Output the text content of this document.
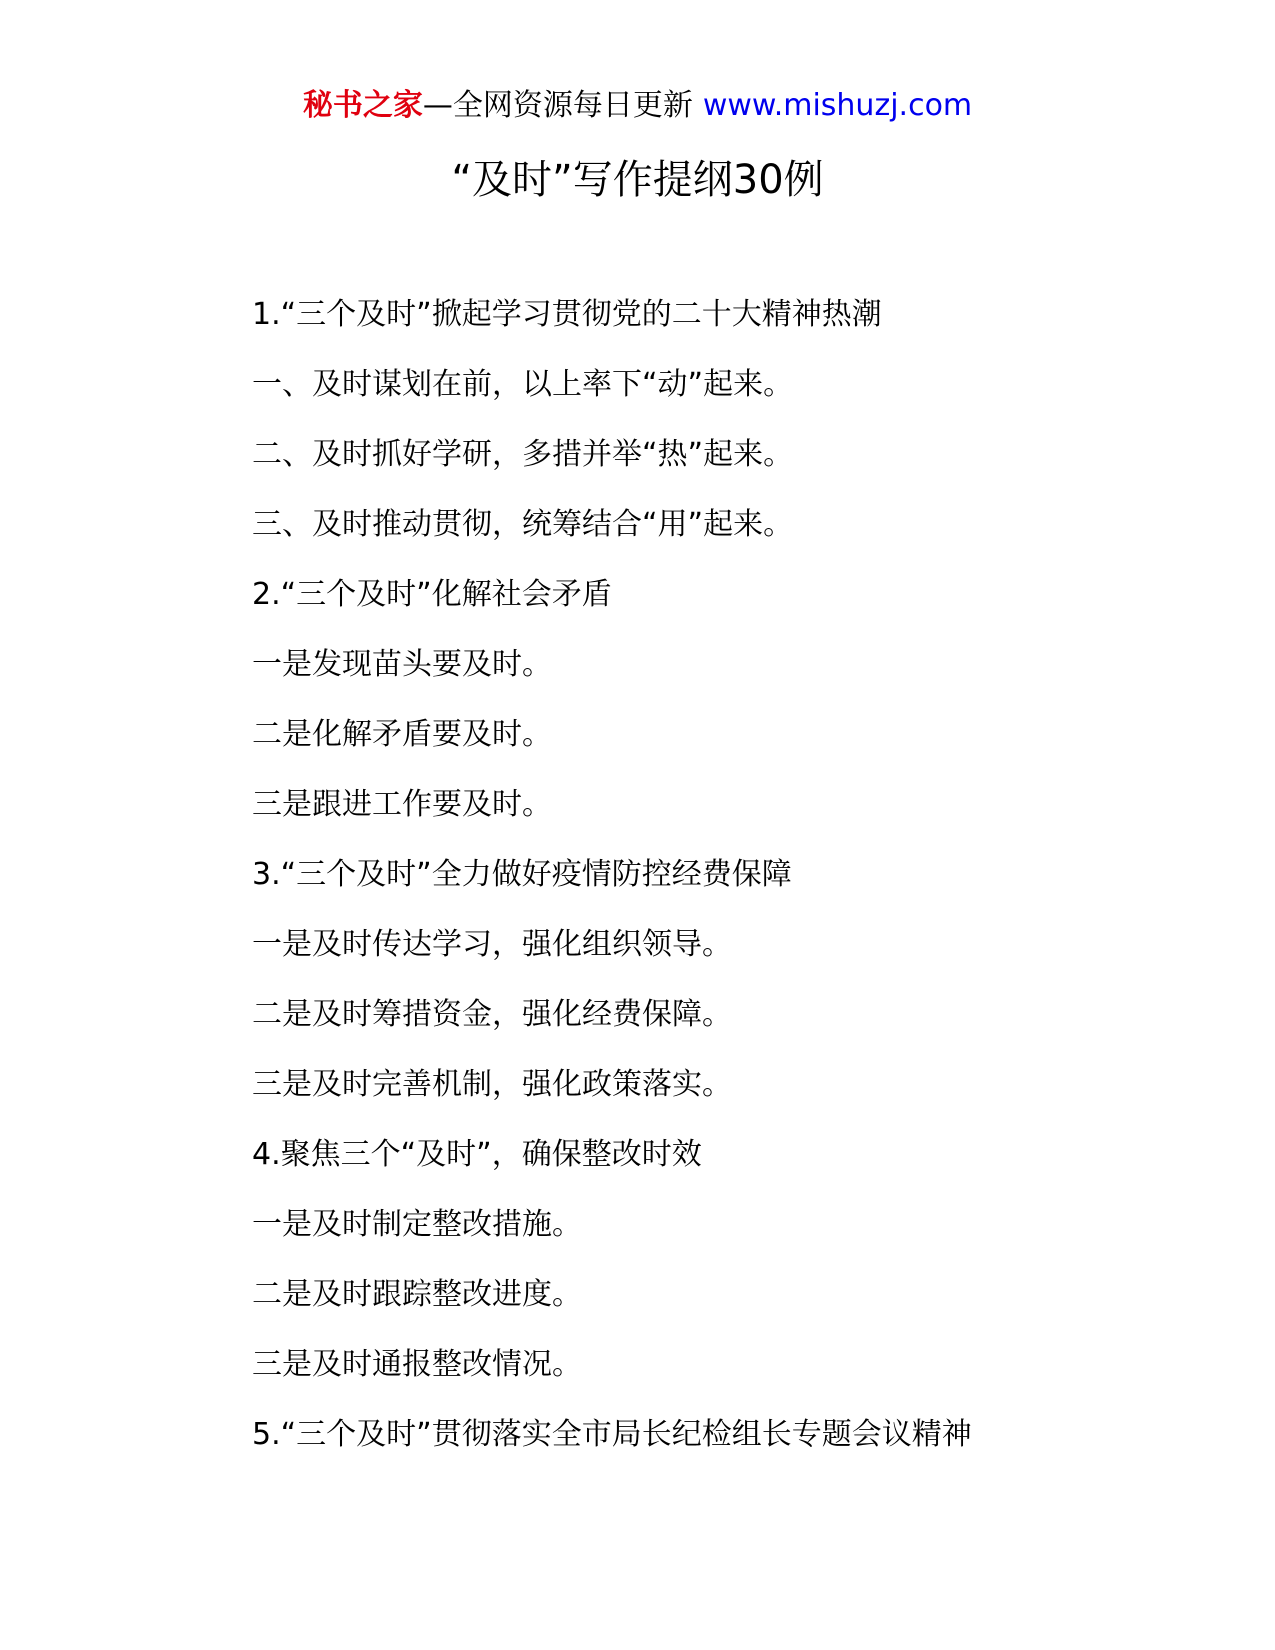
秘书之家—全网资源每日更新 www.mishuzj.com
“及时”写作提纲30例
1.“三个及时”掀起学习贯彻党的二十大精神热潮
一、及时谋划在前，以上率下“动”起来。
二、及时抓好学研，多措并举“热”起来。
三、及时推动贯彻，统筹结合“用”起来。
2.“三个及时”化解社会矛盾
一是发现苗头要及时。
二是化解矛盾要及时。
三是跟进工作要及时。
3.“三个及时”全力做好疫情防控经费保障
一是及时传达学习，强化组织领导。
二是及时筹措资金，强化经费保障。
三是及时完善机制，强化政策落实。
4.聚焦三个“及时”，确保整改时效
一是及时制定整改措施。
二是及时跟踪整改进度。
三是及时通报整改情况。
5.“三个及时”贯彻落实全市局长纪检组长专题会议精神
